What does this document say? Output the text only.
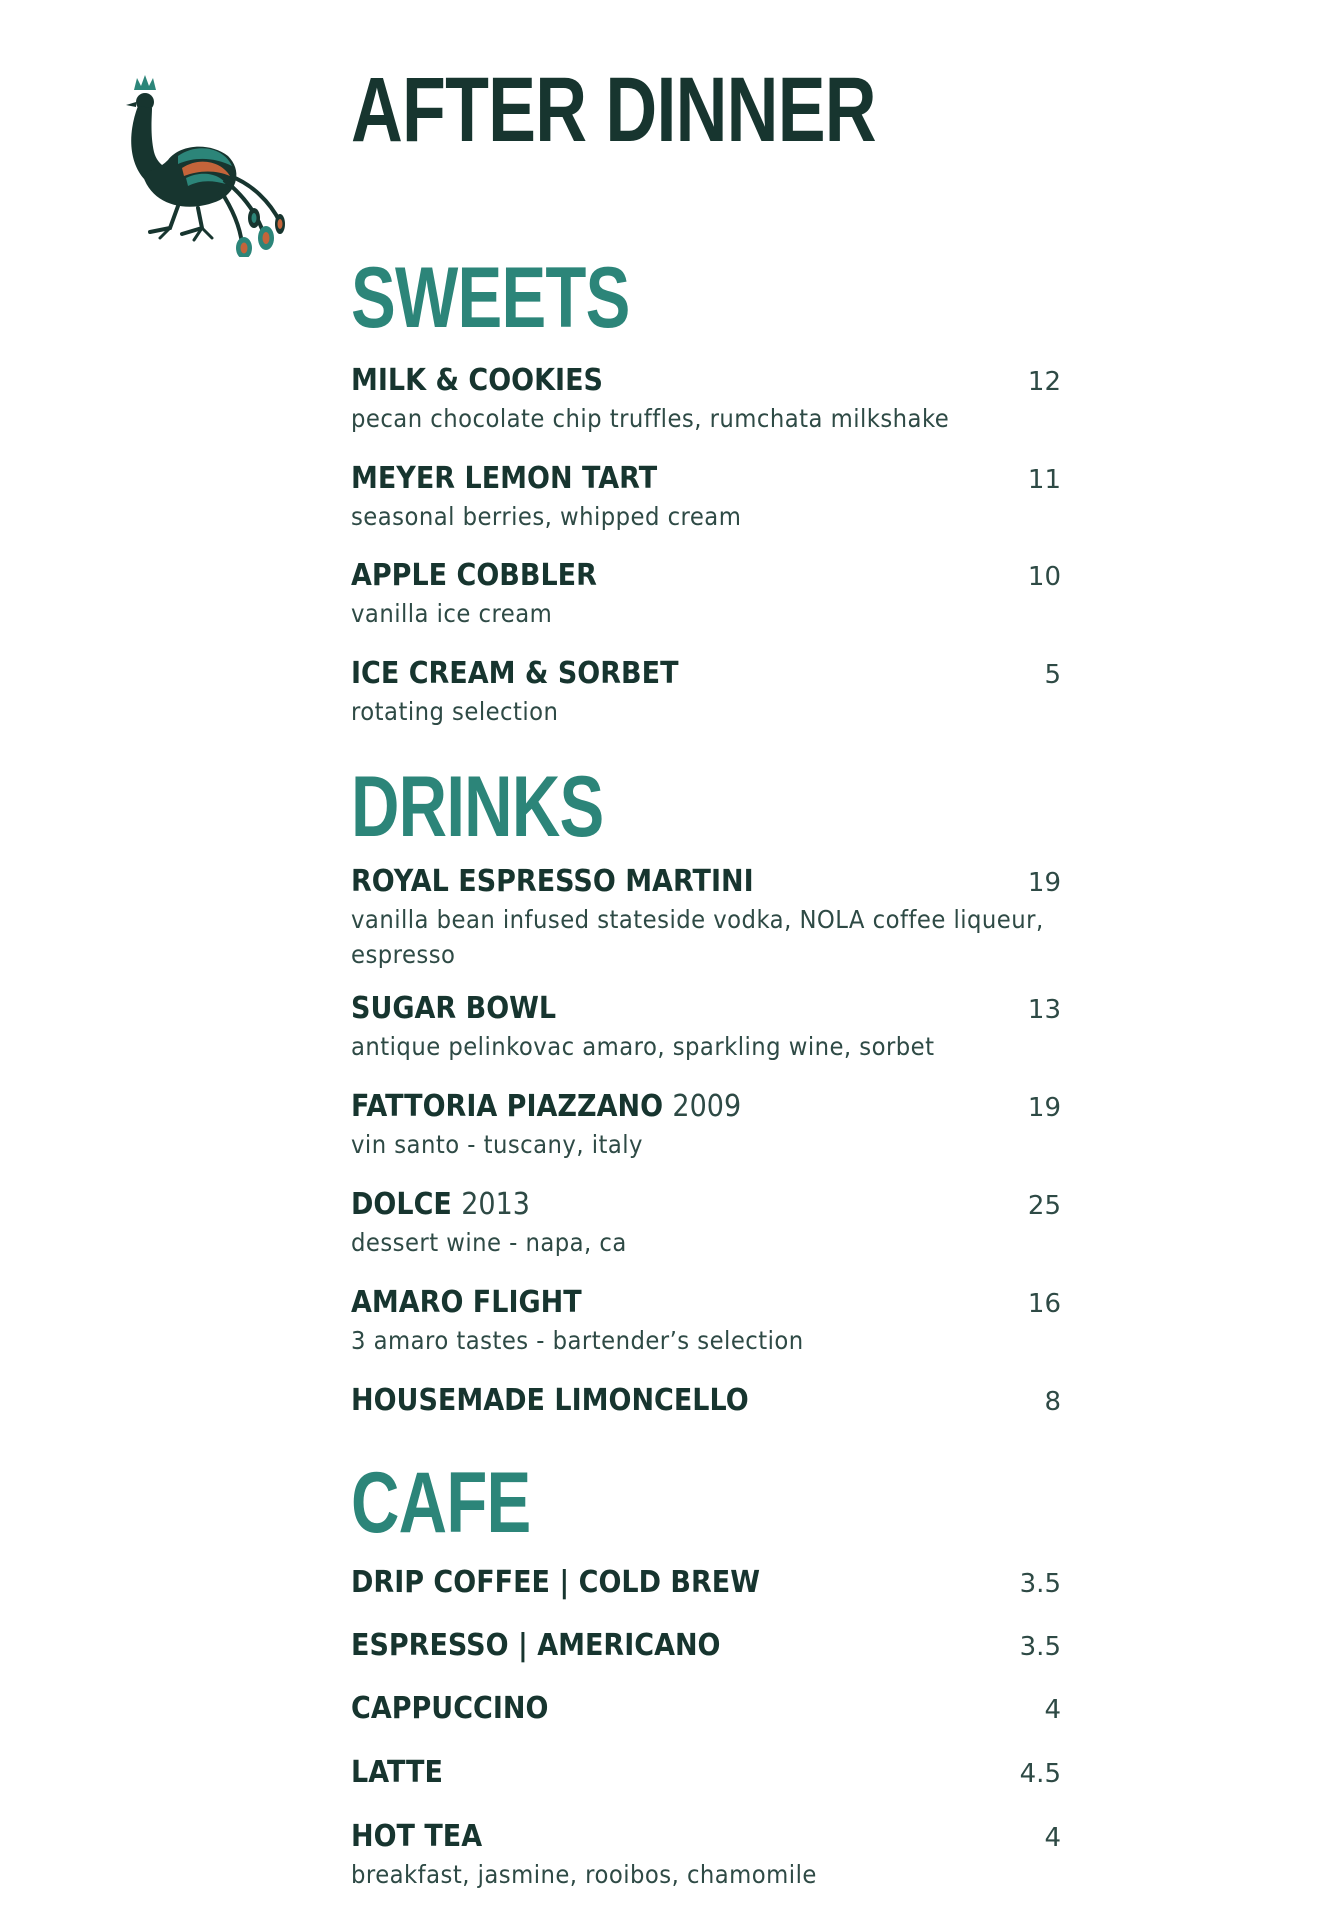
AFTER DINNER
SWEETS
MILK & COOKIES	12
pecan chocolate chip truffles, rumchata milkshake
MEYER LEMON TART	11
seasonal berries, whipped cream
APPLE COBBLER	10
vanilla ice cream
ICE CREAM & SORBET	5
rotating selection
DRINKS
ROYAL ESPRESSO MARTINI	19
vanilla bean infused stateside vodka, NOLA coffee liqueur, espresso
SUGAR BOWL	13
antique pelinkovac amaro, sparkling wine, sorbet
FATTORIA PIAZZANO 2009	19
vin santo - tuscany, italy
DOLCE 2013	25
dessert wine - napa, ca
AMARO FLIGHT	16
3 amaro tastes - bartender’s selection
HOUSEMADE LIMONCELLO	8
CAFE
DRIP COFFEE | COLD BREW	3.5
ESPRESSO | AMERICANO	3.5
CAPPUCCINO	4
LATTE	4.5
HOT TEA	4
breakfast, jasmine, rooibos, chamomile
